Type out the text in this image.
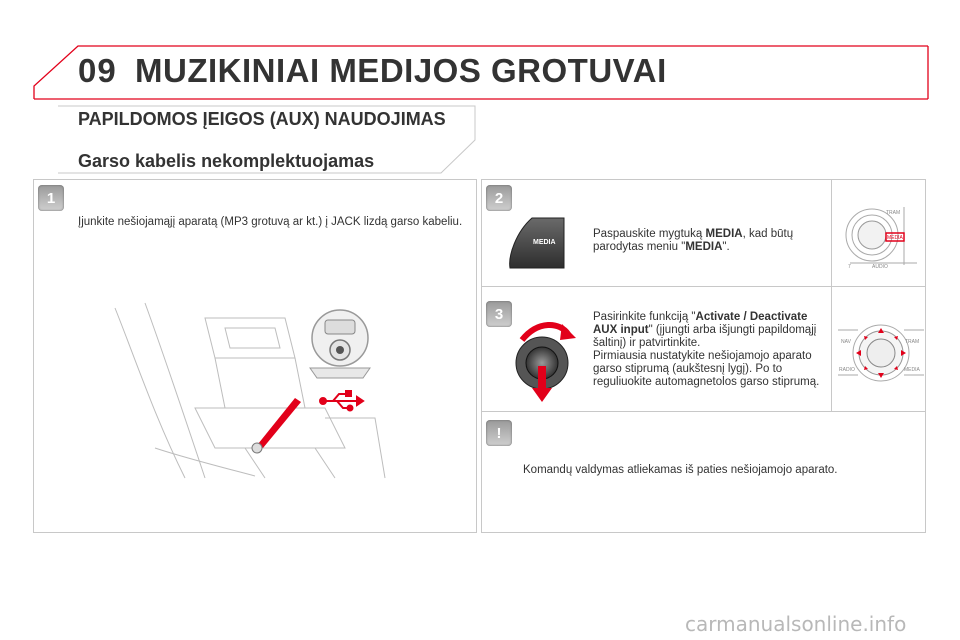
09 MUZIKINIAI MEDIJOS GROTUVAI
PAPILDOMOS ĮEIGOS (AUX) NAUDOJIMAS
Garso kabelis nekomplektuojamas
1
Įjunkite nešiojamąjį aparatą (MP3 grotuvą ar kt.) į JACK lizdą garso kabeliu.
2
MEDIA
Paspauskite mygtuką MEDIA, kad būtų parodytas meniu "MEDIA".
TRAM
MEDIA
7	AUDIO
3	Pasirinkite funkciją "Activate / Deactivate AUX input" (įjungti arba išjungti papildomąjį šaltinį) ir patvirtinkite.
Pirmiausia nustatykite nešiojamojo aparato garso stiprumą (aukštesnį lygį). Po to reguliuokite automagnetolos garso stiprumą.
NAV	TRAM
RADIO	MEDIA
!
Komandų valdymas atliekamas iš paties nešiojamojo aparato.
carmanualsonline.info
